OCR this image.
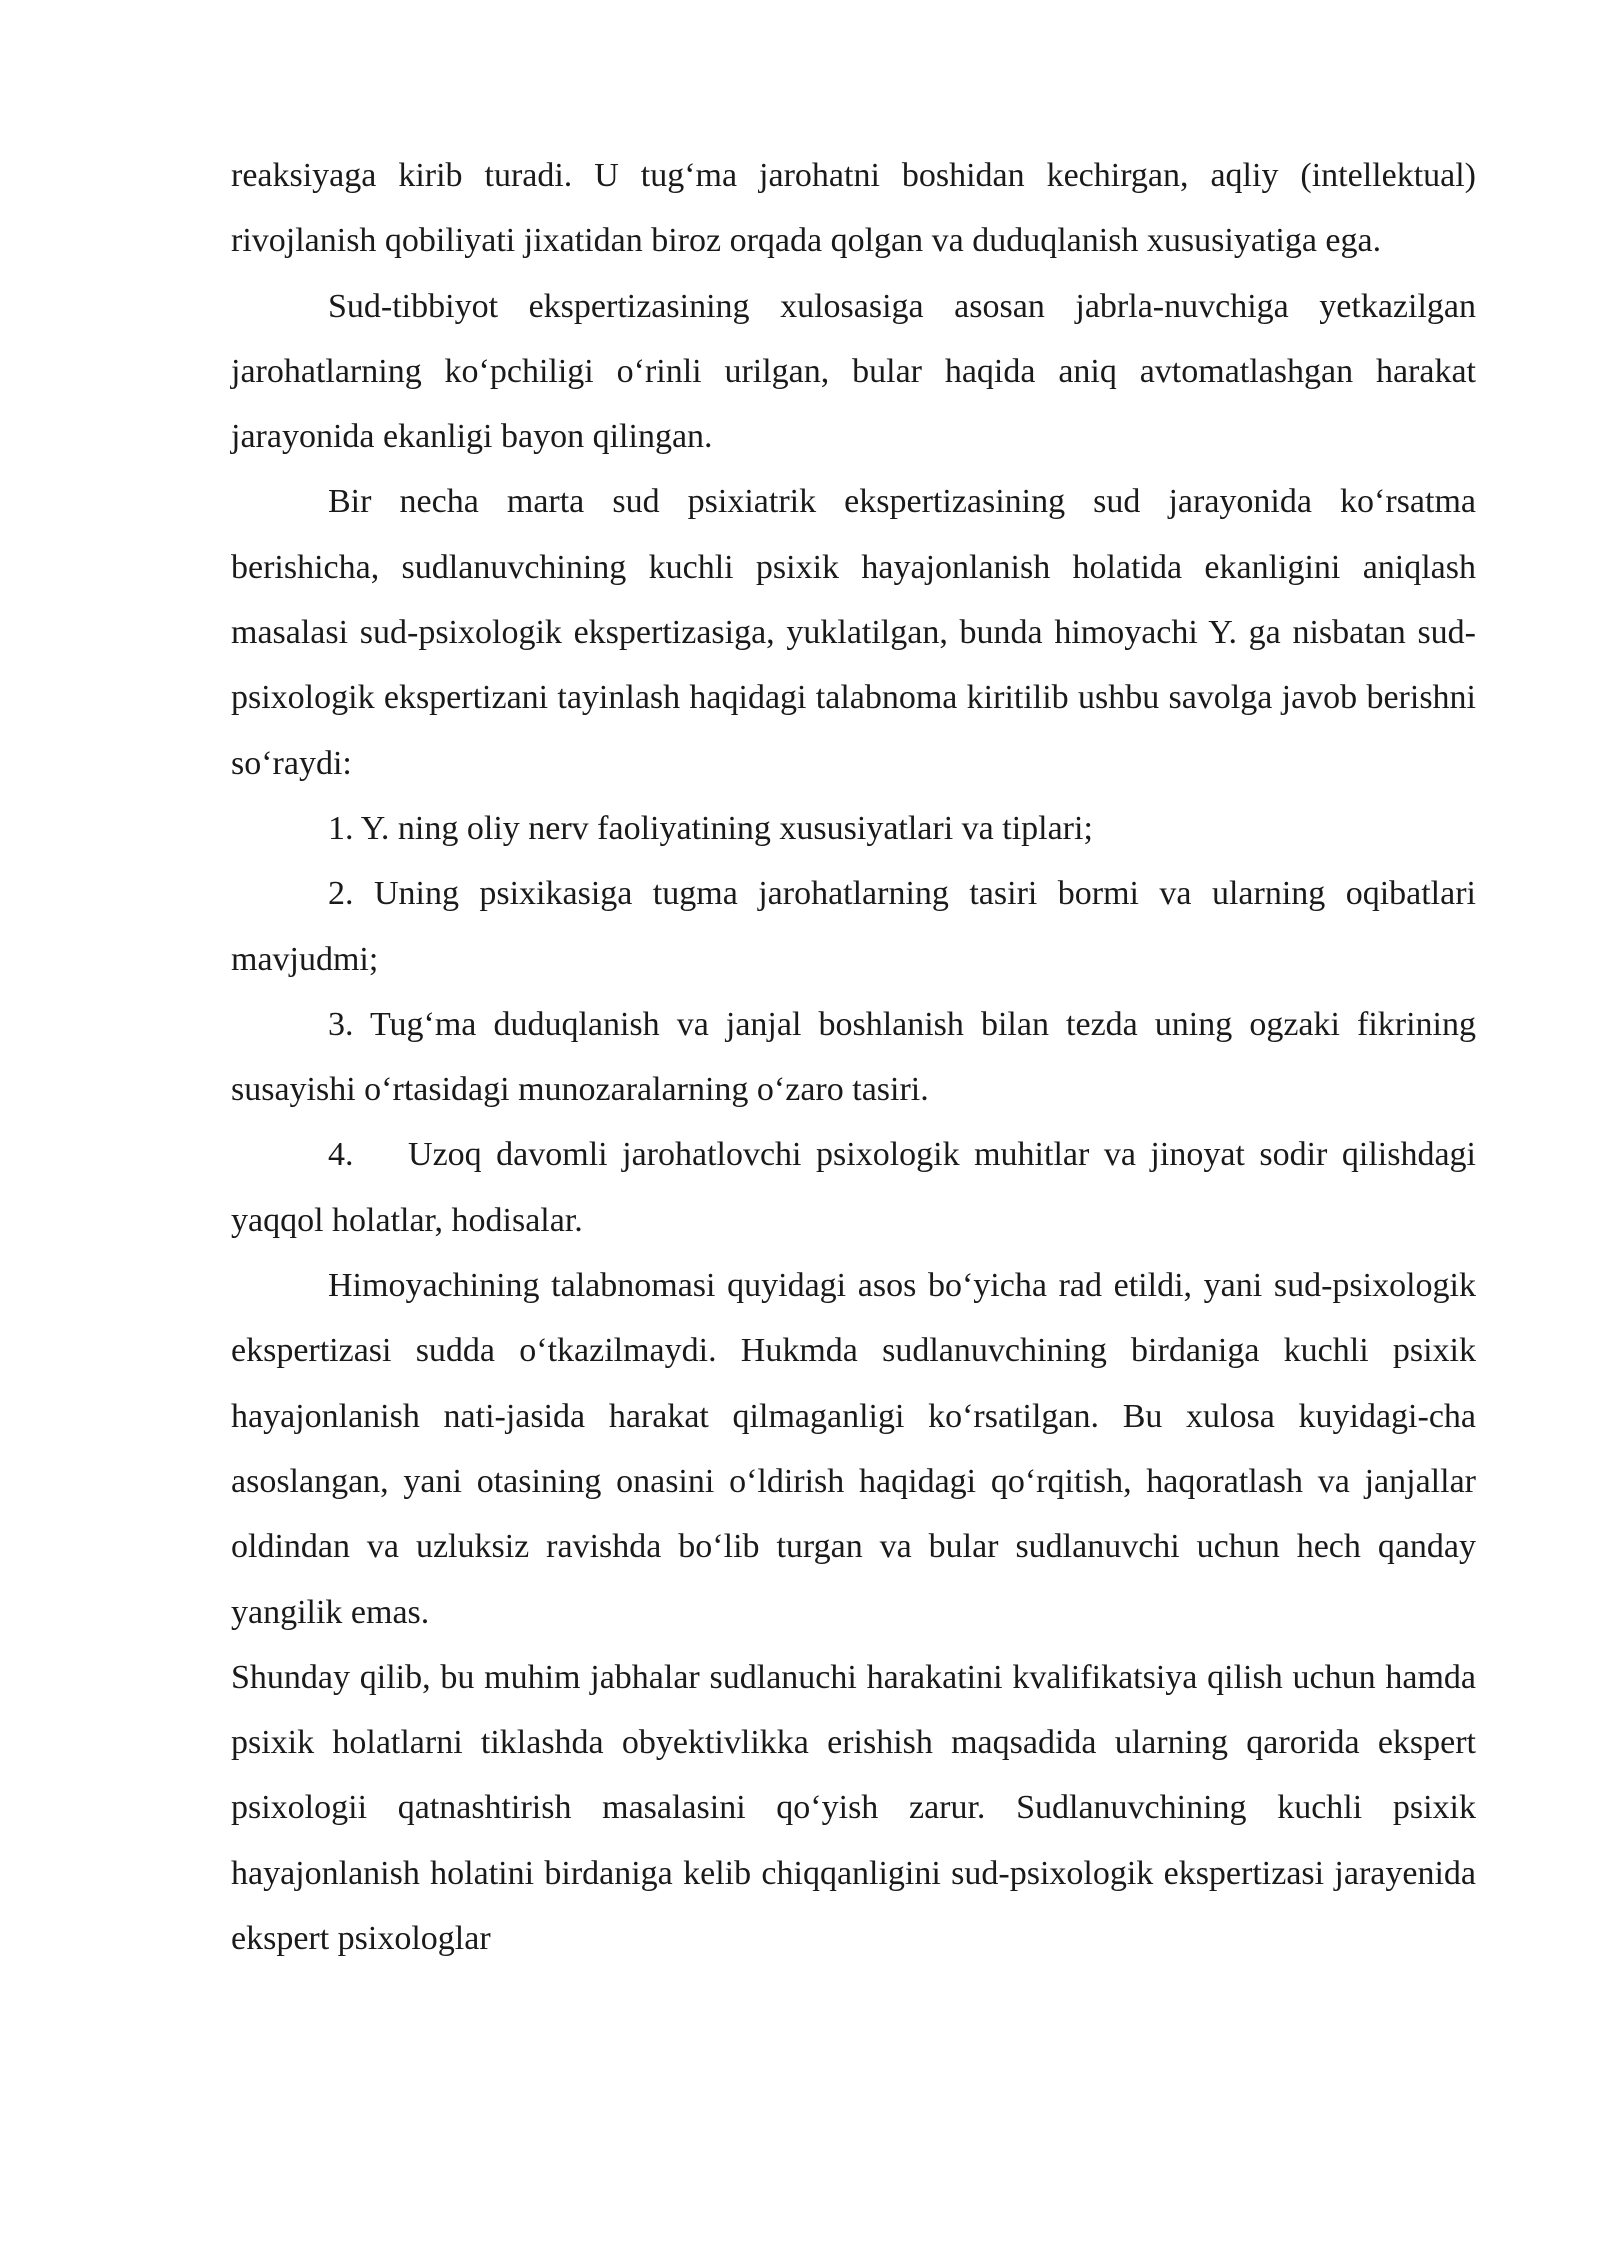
reaksiyaga kirib turadi. U tug‘ma jarohatni boshidan kechirgan, aqliy (intellektual) rivojlanish qobiliyati jixatidan biroz orqada qolgan va duduqlanish xususiyatiga ega.

Sud-tibbiyot ekspertizasining xulosasiga asosan jabrla-nuvchiga yetkazilgan jarohatlarning ko‘pchiligi o‘rinli urilgan, bular haqida aniq avtomatlashgan harakat jarayonida ekanligi bayon qilingan.

Bir necha marta sud psixiatrik ekspertizasining sud jarayonida ko‘rsatma berishicha, sudlanuvchining kuchli psixik hayajonlanish holatida ekanligini aniqlash masalasi sud-psixologik ekspertizasiga, yuklatilgan, bunda himoyachi Y. ga nisbatan sud-psixologik ekspertizani tayinlash haqidagi talabnoma kiritilib ushbu savolga javob berishni so‘raydi:

1. Y. ning oliy nerv faoliyatining xususiyatlari va tiplari;

2. Uning psixikasiga tugma jarohatlarning tasiri bormi va ularning oqibatlari mavjudmi;

3. Tug‘ma duduqlanish va janjal boshlanish bilan tezda uning ogzaki fikrining susayishi o‘rtasidagi munozaralarning o‘zaro tasiri.

4. Uzoq davomli jarohatlovchi psixologik muhitlar va jinoyat sodir qilishdagi yaqqol holatlar, hodisalar.

Himoyachining talabnomasi quyidagi asos bo‘yicha rad etildi, yani sud-psixologik ekspertizasi sudda o‘tkazilmaydi. Hukmda sudlanuvchining birdaniga kuchli psixik hayajonlanish nati-jasida harakat qilmaganligi ko‘rsatilgan. Bu xulosa kuyidagi-cha asoslangan, yani otasining onasini o‘ldirish haqidagi qo‘rqitish, haqoratlash va janjallar oldindan va uzluksiz ravishda bo‘lib turgan va bular sudlanuvchi uchun hech qanday yangilik emas.

Shunday qilib, bu muhim jabhalar sudlanuchi harakatini kvalifikatsiya qilish uchun hamda psixik holatlarni tiklashda obyektivlikka erishish maqsadida ularning qarorida ekspert psixologii qatnashtirish masalasini qo‘yish zarur. Sudlanuvchining kuchli psixik hayajonlanish holatini birdaniga kelib chiqqanligini sud-psixologik ekspertizasi jarayenida ekspert psixologlar
